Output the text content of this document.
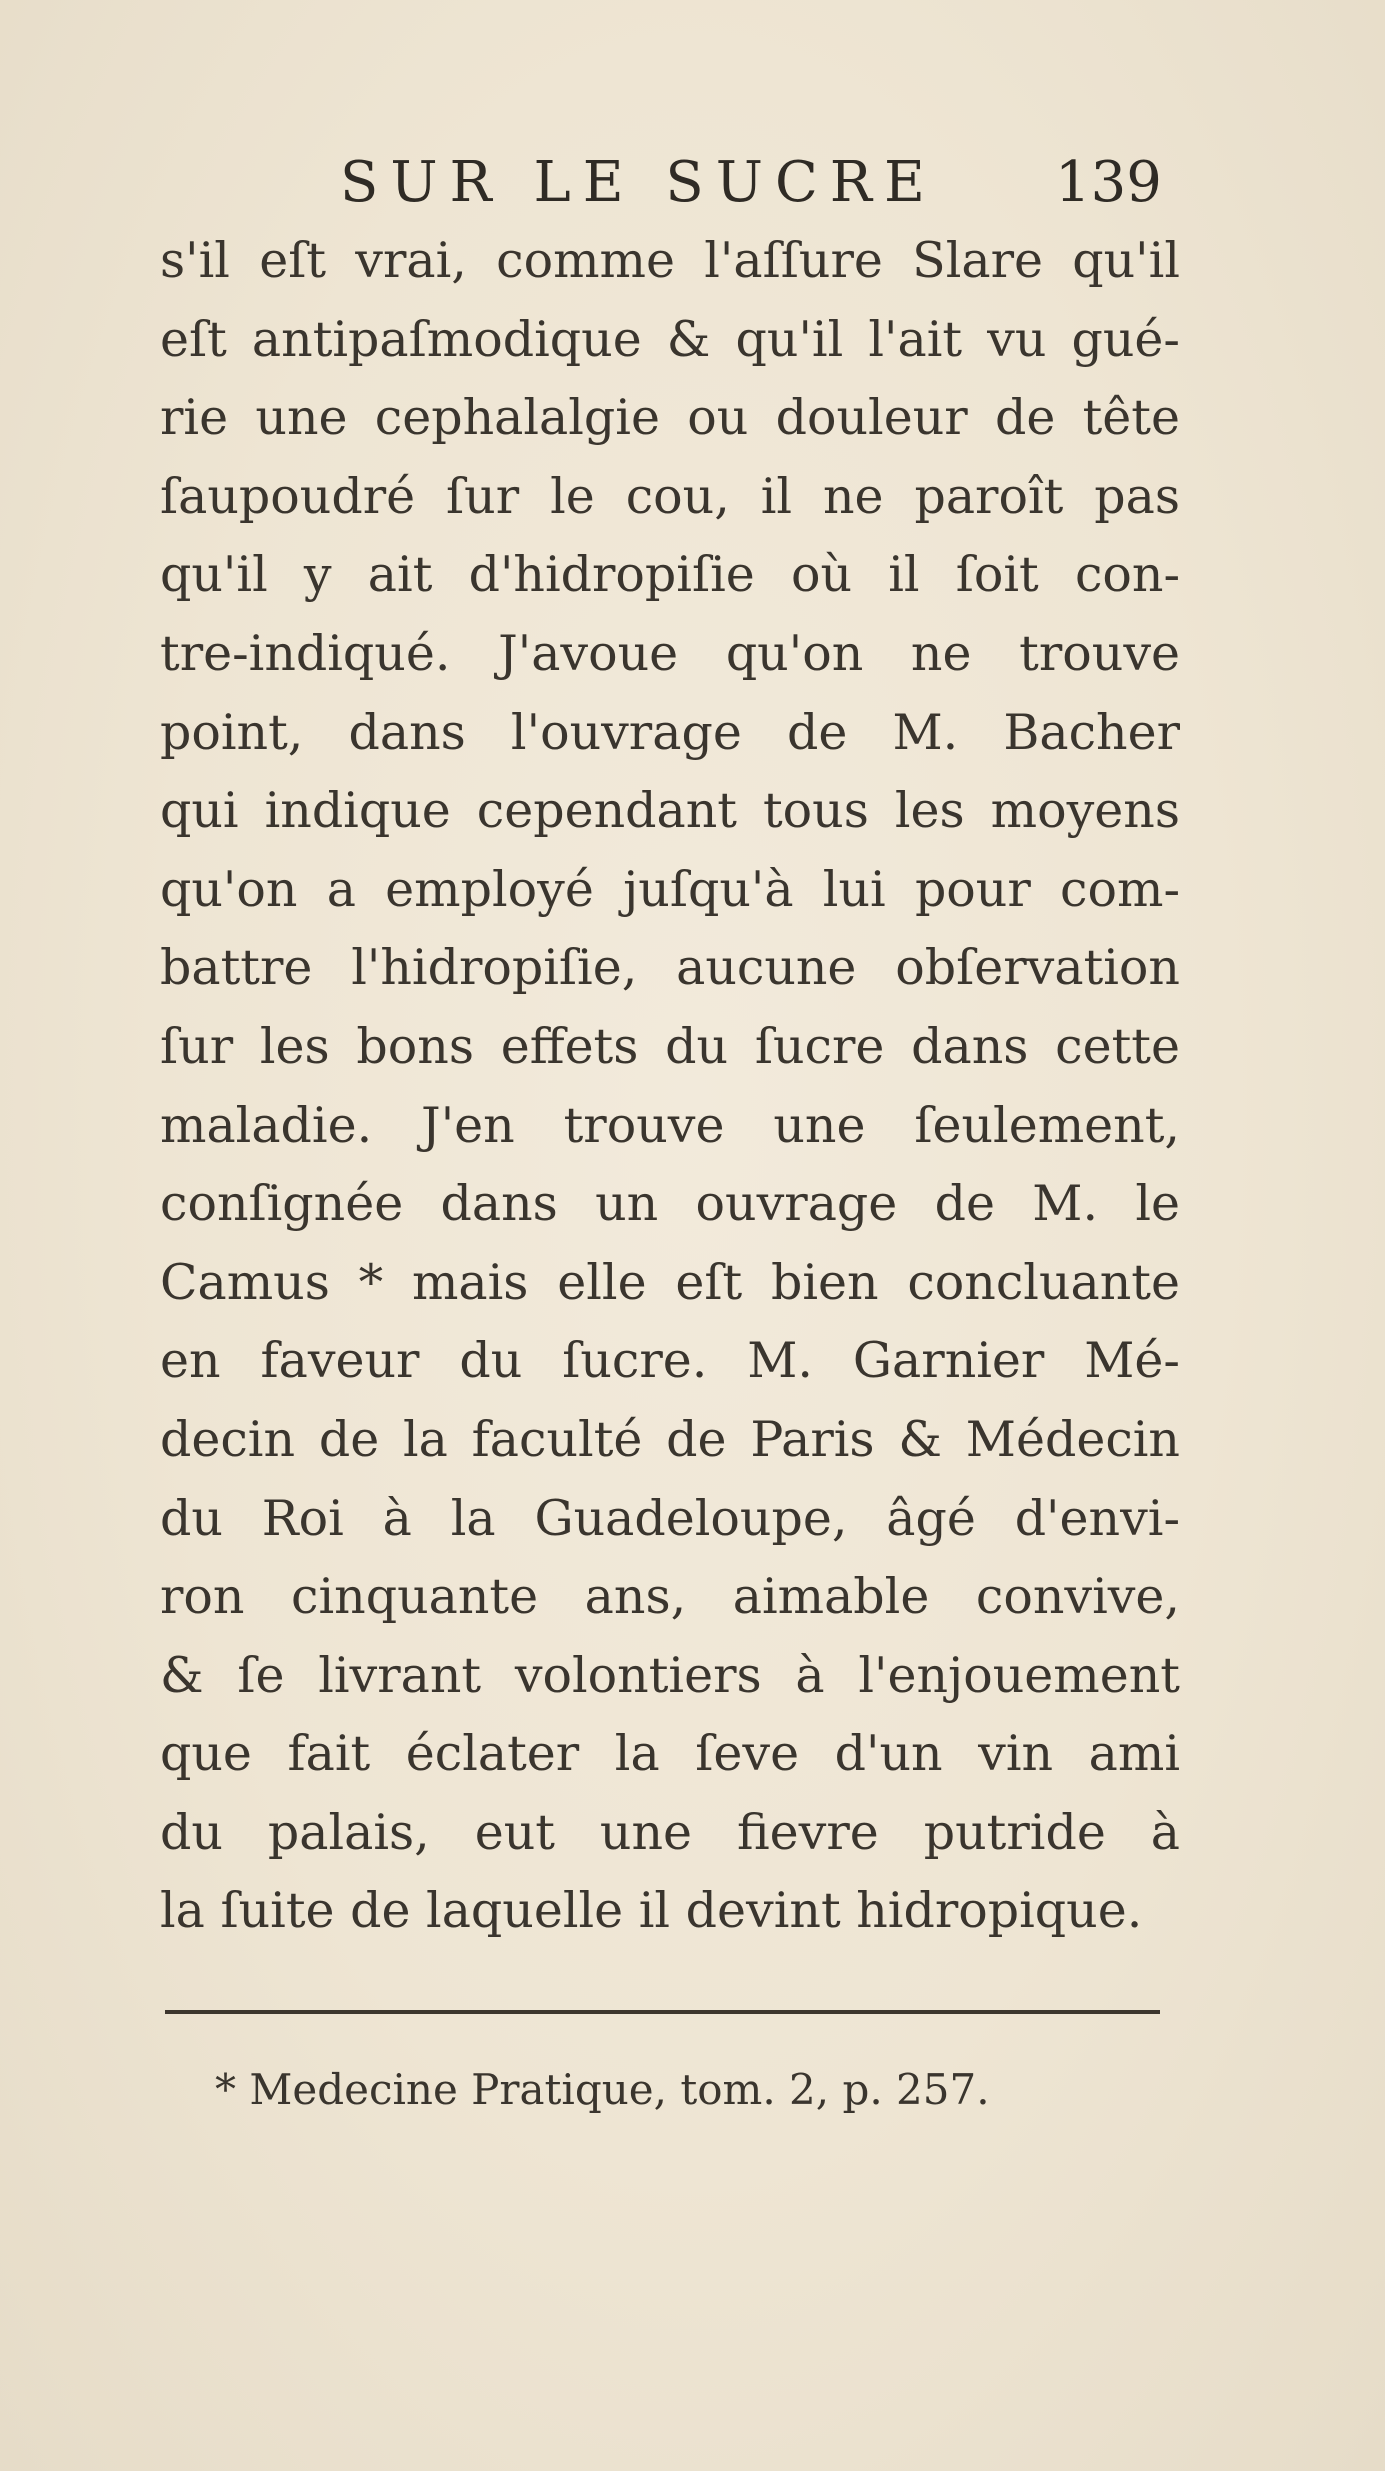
SUR LE SUCRE 139
s'il eſt vrai, comme l'aſſure Slare qu'il
eſt antipaſmodique & qu'il l'ait vu gué-
rie une cephalalgie ou douleur de tête
ſaupoudré ſur le cou, il ne paroît pas
qu'il y ait d'hidropiſie où il ſoit con-
tre-indiqué. J'avoue qu'on ne trouve
point, dans l'ouvrage de M. Bacher
qui indique cependant tous les moyens
qu'on a employé juſqu'à lui pour com-
battre l'hidropiſie, aucune obſervation
ſur les bons effets du ſucre dans cette
maladie. J'en trouve une ſeulement,
conſignée dans un ouvrage de M. le
Camus * mais elle eſt bien concluante
en faveur du ſucre. M. Garnier Mé-
decin de la faculté de Paris & Médecin
du Roi à la Guadeloupe, âgé d'envi-
ron cinquante ans, aimable convive,
& ſe livrant volontiers à l'enjouement
que fait éclater la ſeve d'un vin ami
du palais, eut une fievre putride à
la ſuite de laquelle il devint hidropique.
* Medecine Pratique, tom. 2, p. 257.
